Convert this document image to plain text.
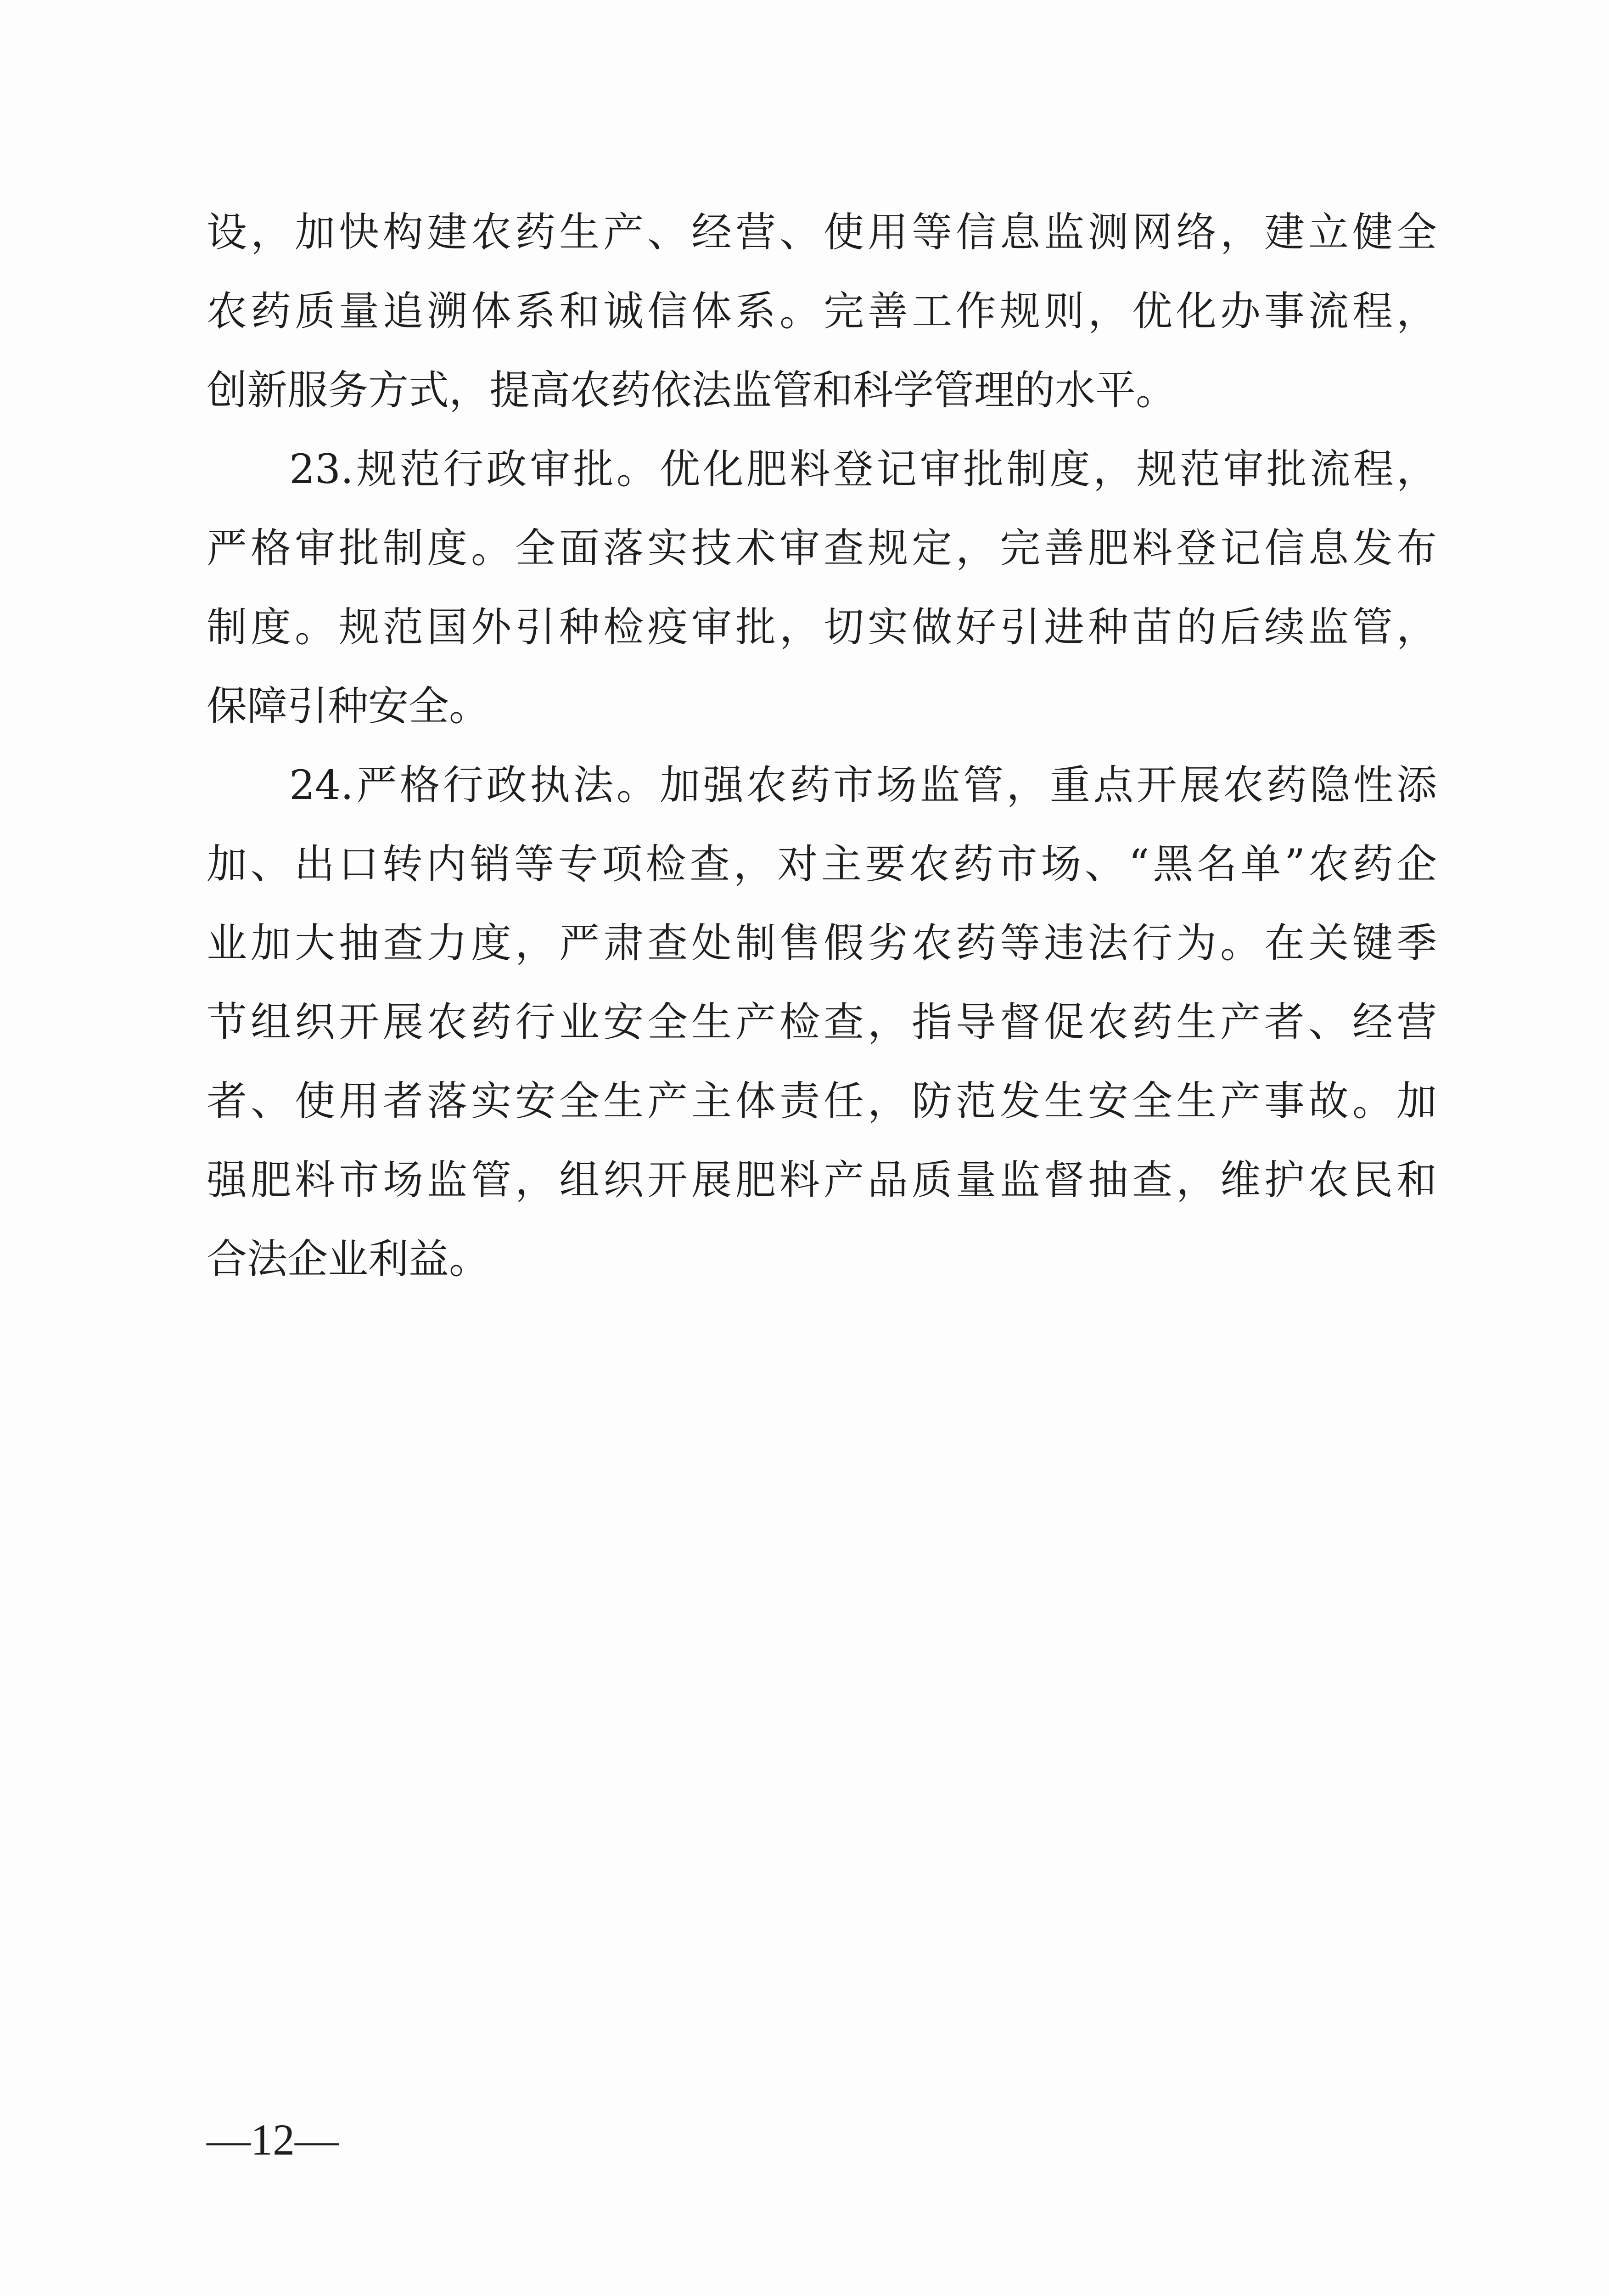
设，加快构建农药生产、经营、使用等信息监测网络，建立健全
农药质量追溯体系和诚信体系。完善工作规则，优化办事流程，
创新服务方式，提高农药依法监管和科学管理的水平。
23.规范行政审批。优化肥料登记审批制度，规范审批流程，
严格审批制度。全面落实技术审查规定，完善肥料登记信息发布
制度。规范国外引种检疫审批，切实做好引进种苗的后续监管，
保障引种安全。
24.严格行政执法。加强农药市场监管，重点开展农药隐性添
加、出口转内销等专项检查，对主要农药市场、“黑名单”农药企
业加大抽查力度，严肃查处制售假劣农药等违法行为。在关键季
节组织开展农药行业安全生产检查，指导督促农药生产者、经营
者、使用者落实安全生产主体责任，防范发生安全生产事故。加
强肥料市场监管，组织开展肥料产品质量监督抽查，维护农民和
合法企业利益。
—12—
